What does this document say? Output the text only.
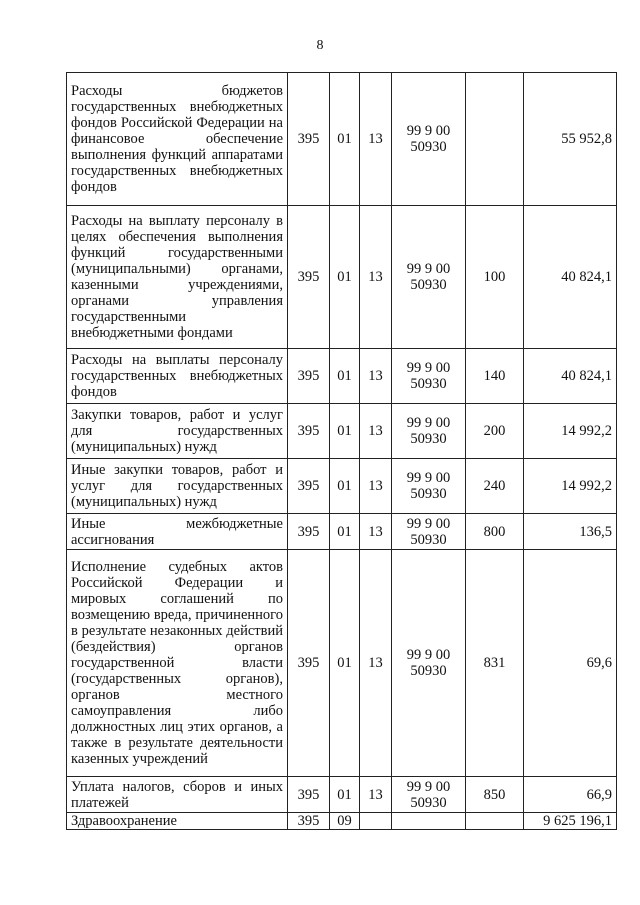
8
Расходы бюджетов государственных внебюджетных фондов Российской Федерации на финансовое обеспечение выполнения функций аппаратами государственных внебюджетных фондов	395	01	13	99 9 00
50930		55 952,8
Расходы на выплату персоналу в целях обеспечения выполнения функций государственными (муниципальными) органами, казенными учреждениями, органами управления государственными внебюджетными фондами	395	01	13	99 9 00
50930	100	40 824,1
Расходы на выплаты персоналу государственных внебюджетных фондов	395	01	13	99 9 00
50930	140	40 824,1
Закупки товаров, работ и услуг для государственных (муниципальных) нужд	395	01	13	99 9 00
50930	200	14 992,2
Иные закупки товаров, работ и услуг для государственных (муниципальных) нужд	395	01	13	99 9 00
50930	240	14 992,2
Иные межбюджетные ассигнования	395	01	13	99 9 00
50930	800	136,5
Исполнение судебных актов Российской Федерации и мировых соглашений по возмещению вреда, причиненного в результате незаконных действий (бездействия) органов государственной власти (государственных органов), органов местного самоуправления либо должностных лиц этих органов, а также в результате деятельности казенных учреждений	395	01	13	99 9 00
50930	831	69,6
Уплата налогов, сборов и иных платежей	395	01	13	99 9 00
50930	850	66,9
Здравоохранение	395	09				9 625 196,1
